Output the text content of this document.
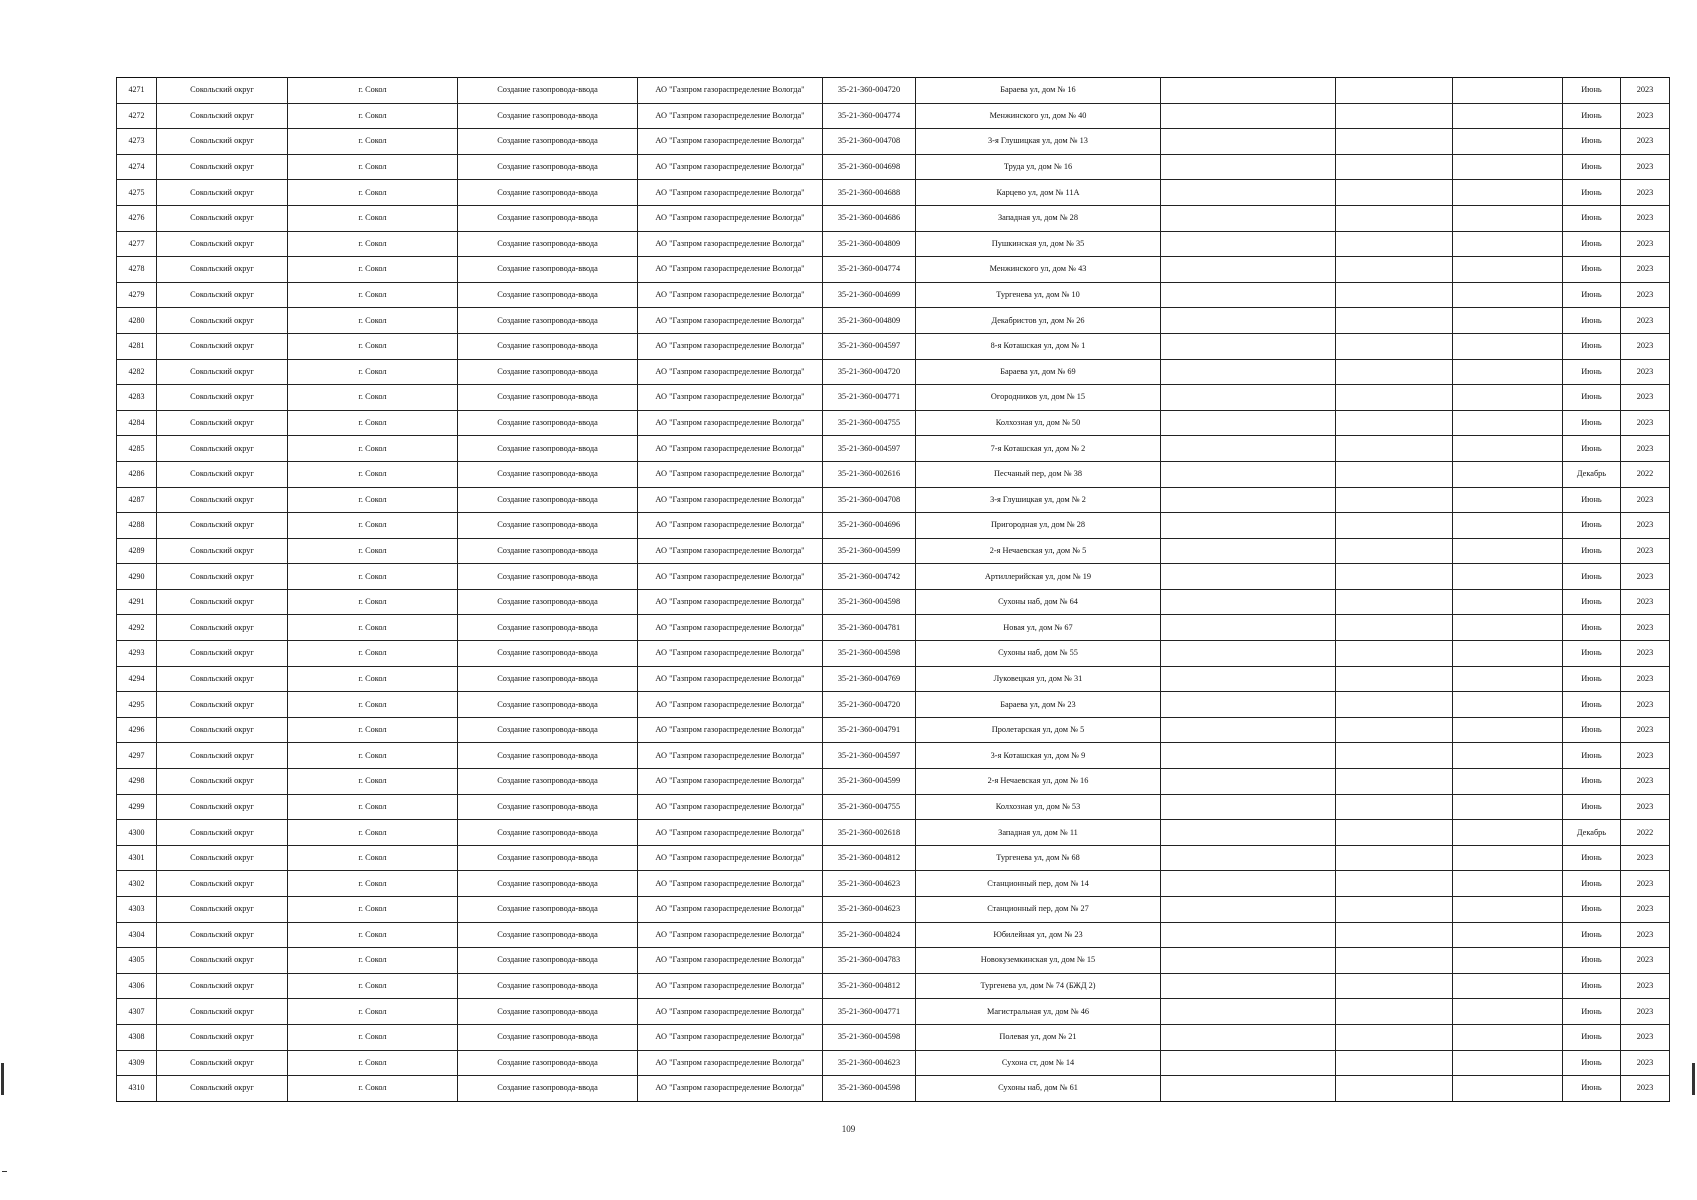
4271	Сокольский округ	г. Сокол	Создание газопровода-ввода	АО "Газпром газораспределение Вологда"	35-21-360-004720	Бараева ул, дом № 16				Июнь	2023
4272	Сокольский округ	г. Сокол	Создание газопровода-ввода	АО "Газпром газораспределение Вологда"	35-21-360-004774	Менжинского ул, дом № 40				Июнь	2023
4273	Сокольский округ	г. Сокол	Создание газопровода-ввода	АО "Газпром газораспределение Вологда"	35-21-360-004708	3-я Глушицкая ул, дом № 13				Июнь	2023
4274	Сокольский округ	г. Сокол	Создание газопровода-ввода	АО "Газпром газораспределение Вологда"	35-21-360-004698	Труда ул, дом № 16				Июнь	2023
4275	Сокольский округ	г. Сокол	Создание газопровода-ввода	АО "Газпром газораспределение Вологда"	35-21-360-004688	Карцево ул, дом № 11А				Июнь	2023
4276	Сокольский округ	г. Сокол	Создание газопровода-ввода	АО "Газпром газораспределение Вологда"	35-21-360-004686	Западная ул, дом № 28				Июнь	2023
4277	Сокольский округ	г. Сокол	Создание газопровода-ввода	АО "Газпром газораспределение Вологда"	35-21-360-004809	Пушкинская ул, дом № 35				Июнь	2023
4278	Сокольский округ	г. Сокол	Создание газопровода-ввода	АО "Газпром газораспределение Вологда"	35-21-360-004774	Менжинского ул, дом № 43				Июнь	2023
4279	Сокольский округ	г. Сокол	Создание газопровода-ввода	АО "Газпром газораспределение Вологда"	35-21-360-004699	Тургенева ул, дом № 10				Июнь	2023
4280	Сокольский округ	г. Сокол	Создание газопровода-ввода	АО "Газпром газораспределение Вологда"	35-21-360-004809	Декабристов ул, дом № 26				Июнь	2023
4281	Сокольский округ	г. Сокол	Создание газопровода-ввода	АО "Газпром газораспределение Вологда"	35-21-360-004597	8-я Коташская ул, дом № 1				Июнь	2023
4282	Сокольский округ	г. Сокол	Создание газопровода-ввода	АО "Газпром газораспределение Вологда"	35-21-360-004720	Бараева ул, дом № 69				Июнь	2023
4283	Сокольский округ	г. Сокол	Создание газопровода-ввода	АО "Газпром газораспределение Вологда"	35-21-360-004771	Огородников ул, дом № 15				Июнь	2023
4284	Сокольский округ	г. Сокол	Создание газопровода-ввода	АО "Газпром газораспределение Вологда"	35-21-360-004755	Колхозная ул, дом № 50				Июнь	2023
4285	Сокольский округ	г. Сокол	Создание газопровода-ввода	АО "Газпром газораспределение Вологда"	35-21-360-004597	7-я Коташская ул, дом № 2				Июнь	2023
4286	Сокольский округ	г. Сокол	Создание газопровода-ввода	АО "Газпром газораспределение Вологда"	35-21-360-002616	Песчаный пер, дом № 38				Декабрь	2022
4287	Сокольский округ	г. Сокол	Создание газопровода-ввода	АО "Газпром газораспределение Вологда"	35-21-360-004708	3-я Глушицкая ул, дом № 2				Июнь	2023
4288	Сокольский округ	г. Сокол	Создание газопровода-ввода	АО "Газпром газораспределение Вологда"	35-21-360-004696	Пригородная ул, дом № 28				Июнь	2023
4289	Сокольский округ	г. Сокол	Создание газопровода-ввода	АО "Газпром газораспределение Вологда"	35-21-360-004599	2-я Нечаевская ул, дом № 5				Июнь	2023
4290	Сокольский округ	г. Сокол	Создание газопровода-ввода	АО "Газпром газораспределение Вологда"	35-21-360-004742	Артиллерийская ул, дом № 19				Июнь	2023
4291	Сокольский округ	г. Сокол	Создание газопровода-ввода	АО "Газпром газораспределение Вологда"	35-21-360-004598	Сухоны наб, дом № 64				Июнь	2023
4292	Сокольский округ	г. Сокол	Создание газопровода-ввода	АО "Газпром газораспределение Вологда"	35-21-360-004781	Новая ул, дом № 67				Июнь	2023
4293	Сокольский округ	г. Сокол	Создание газопровода-ввода	АО "Газпром газораспределение Вологда"	35-21-360-004598	Сухоны наб, дом № 55				Июнь	2023
4294	Сокольский округ	г. Сокол	Создание газопровода-ввода	АО "Газпром газораспределение Вологда"	35-21-360-004769	Луковецкая ул, дом № 31				Июнь	2023
4295	Сокольский округ	г. Сокол	Создание газопровода-ввода	АО "Газпром газораспределение Вологда"	35-21-360-004720	Бараева ул, дом № 23				Июнь	2023
4296	Сокольский округ	г. Сокол	Создание газопровода-ввода	АО "Газпром газораспределение Вологда"	35-21-360-004791	Пролетарская ул, дом № 5				Июнь	2023
4297	Сокольский округ	г. Сокол	Создание газопровода-ввода	АО "Газпром газораспределение Вологда"	35-21-360-004597	3-я Коташская ул, дом № 9				Июнь	2023
4298	Сокольский округ	г. Сокол	Создание газопровода-ввода	АО "Газпром газораспределение Вологда"	35-21-360-004599	2-я Нечаевская ул, дом № 16				Июнь	2023
4299	Сокольский округ	г. Сокол	Создание газопровода-ввода	АО "Газпром газораспределение Вологда"	35-21-360-004755	Колхозная ул, дом № 53				Июнь	2023
4300	Сокольский округ	г. Сокол	Создание газопровода-ввода	АО "Газпром газораспределение Вологда"	35-21-360-002618	Западная ул, дом № 11				Декабрь	2022
4301	Сокольский округ	г. Сокол	Создание газопровода-ввода	АО "Газпром газораспределение Вологда"	35-21-360-004812	Тургенева ул, дом № 68				Июнь	2023
4302	Сокольский округ	г. Сокол	Создание газопровода-ввода	АО "Газпром газораспределение Вологда"	35-21-360-004623	Станционный пер, дом № 14				Июнь	2023
4303	Сокольский округ	г. Сокол	Создание газопровода-ввода	АО "Газпром газораспределение Вологда"	35-21-360-004623	Станционный пер, дом № 27				Июнь	2023
4304	Сокольский округ	г. Сокол	Создание газопровода-ввода	АО "Газпром газораспределение Вологда"	35-21-360-004824	Юбилейная ул, дом № 23				Июнь	2023
4305	Сокольский округ	г. Сокол	Создание газопровода-ввода	АО "Газпром газораспределение Вологда"	35-21-360-004783	Новокуземкинская ул, дом № 15				Июнь	2023
4306	Сокольский округ	г. Сокол	Создание газопровода-ввода	АО "Газпром газораспределение Вологда"	35-21-360-004812	Тургенева ул, дом № 74 (БЖД 2)				Июнь	2023
4307	Сокольский округ	г. Сокол	Создание газопровода-ввода	АО "Газпром газораспределение Вологда"	35-21-360-004771	Магистральная ул, дом № 46				Июнь	2023
4308	Сокольский округ	г. Сокол	Создание газопровода-ввода	АО "Газпром газораспределение Вологда"	35-21-360-004598	Полевая ул, дом № 21				Июнь	2023
4309	Сокольский округ	г. Сокол	Создание газопровода-ввода	АО "Газпром газораспределение Вологда"	35-21-360-004623	Сухона ст, дом № 14				Июнь	2023
4310	Сокольский округ	г. Сокол	Создание газопровода-ввода	АО "Газпром газораспределение Вологда"	35-21-360-004598	Сухоны наб, дом № 61				Июнь	2023
109
